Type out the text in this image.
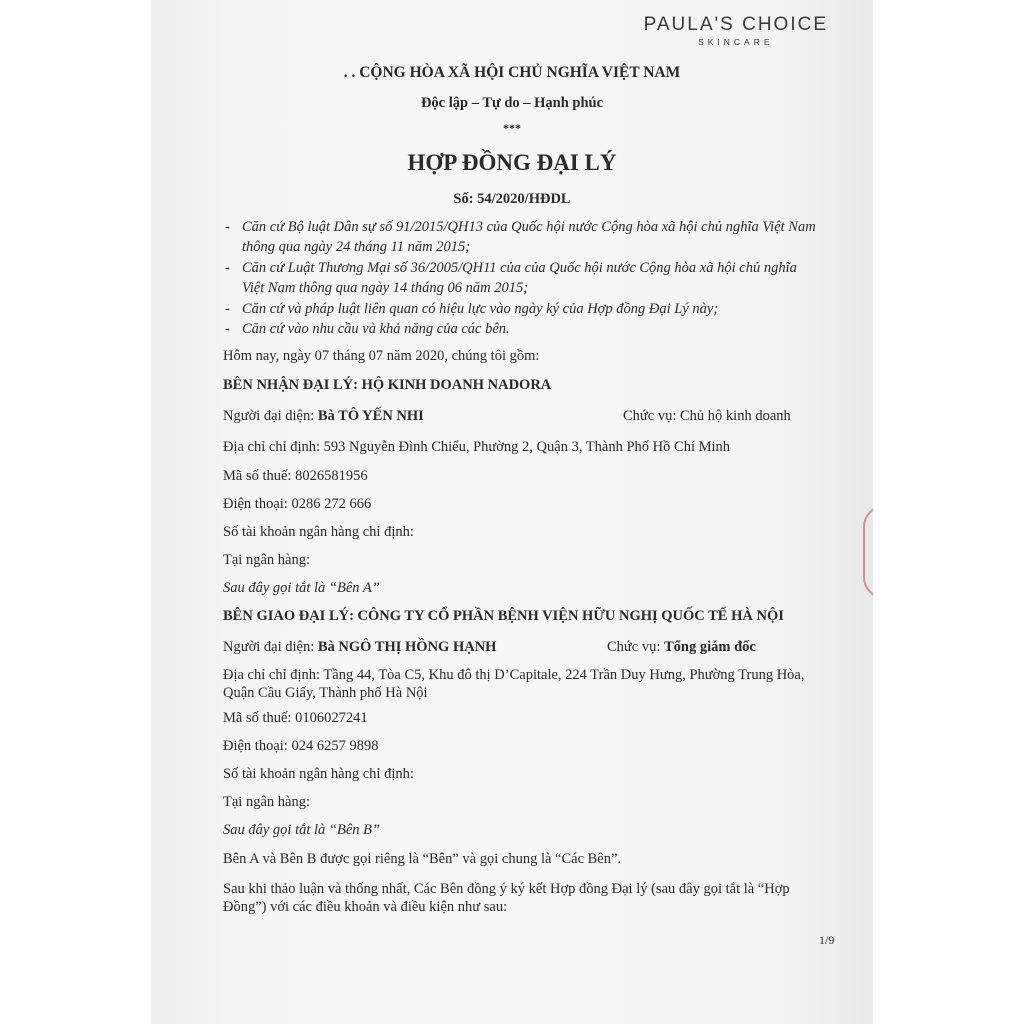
PAULA'S CHOICE
SKINCARE
. . CỘNG HÒA XÃ HỘI CHỦ NGHĨA VIỆT NAM
Độc lập – Tự do – Hạnh phúc
***
HỢP ĐỒNG ĐẠI LÝ
Số: 54/2020/HĐDL
- Căn cứ Bộ luật Dân sự số 91/2015/QH13 của Quốc hội nước Cộng hòa xã hội chủ nghĩa Việt Nam
thông qua ngày 24 tháng 11 năm 2015;
- Căn cứ Luật Thương Mại số 36/2005/QH11 của của Quốc hội nước Cộng hòa xã hội chủ nghĩa
Việt Nam thông qua ngày 14 tháng 06 năm 2015;
- Căn cứ và pháp luật liên quan có hiệu lực vào ngày ký của Hợp đồng Đại Lý này;
- Căn cứ vào nhu cầu và khả năng của các bên.
Hôm nay, ngày 07 tháng 07 năm 2020, chúng tôi gồm:
BÊN NHẬN ĐẠI LÝ: HỘ KINH DOANH NADORA
Người đại diện: Bà TÔ YẾN NHI	Chức vụ: Chủ hộ kinh doanh
Địa chỉ chỉ định: 593 Nguyễn Đình Chiểu, Phường 2, Quận 3, Thành Phố Hồ Chí Minh
Mã số thuế: 8026581956
Điện thoại: 0286 272 666
Số tài khoản ngân hàng chỉ định:
Tại ngân hàng:
Sau đây gọi tắt là “Bên A”
BÊN GIAO ĐẠI LÝ: CÔNG TY CỔ PHẦN BỆNH VIỆN HỮU NGHỊ QUỐC TẾ HÀ NỘI
Người đại diện: Bà NGÔ THỊ HỒNG HẠNH	Chức vụ: Tổng giám đốc
Địa chỉ chỉ định: Tầng 44, Tòa C5, Khu đô thị D’Capitale, 224 Trần Duy Hưng, Phường Trung Hòa,
Quận Cầu Giấy, Thành phố Hà Nội
Mã số thuế: 0106027241
Điện thoại: 024 6257 9898
Số tài khoản ngân hàng chỉ định:
Tại ngân hàng:
Sau đây gọi tắt là “Bên B”
Bên A và Bên B được gọi riêng là “Bên” và gọi chung là “Các Bên”.
Sau khi thảo luận và thống nhất, Các Bên đồng ý ký kết Hợp đồng Đại lý (sau đây gọi tắt là “Hợp
Đồng”) với các điều khoản và điều kiện như sau:
1/9
